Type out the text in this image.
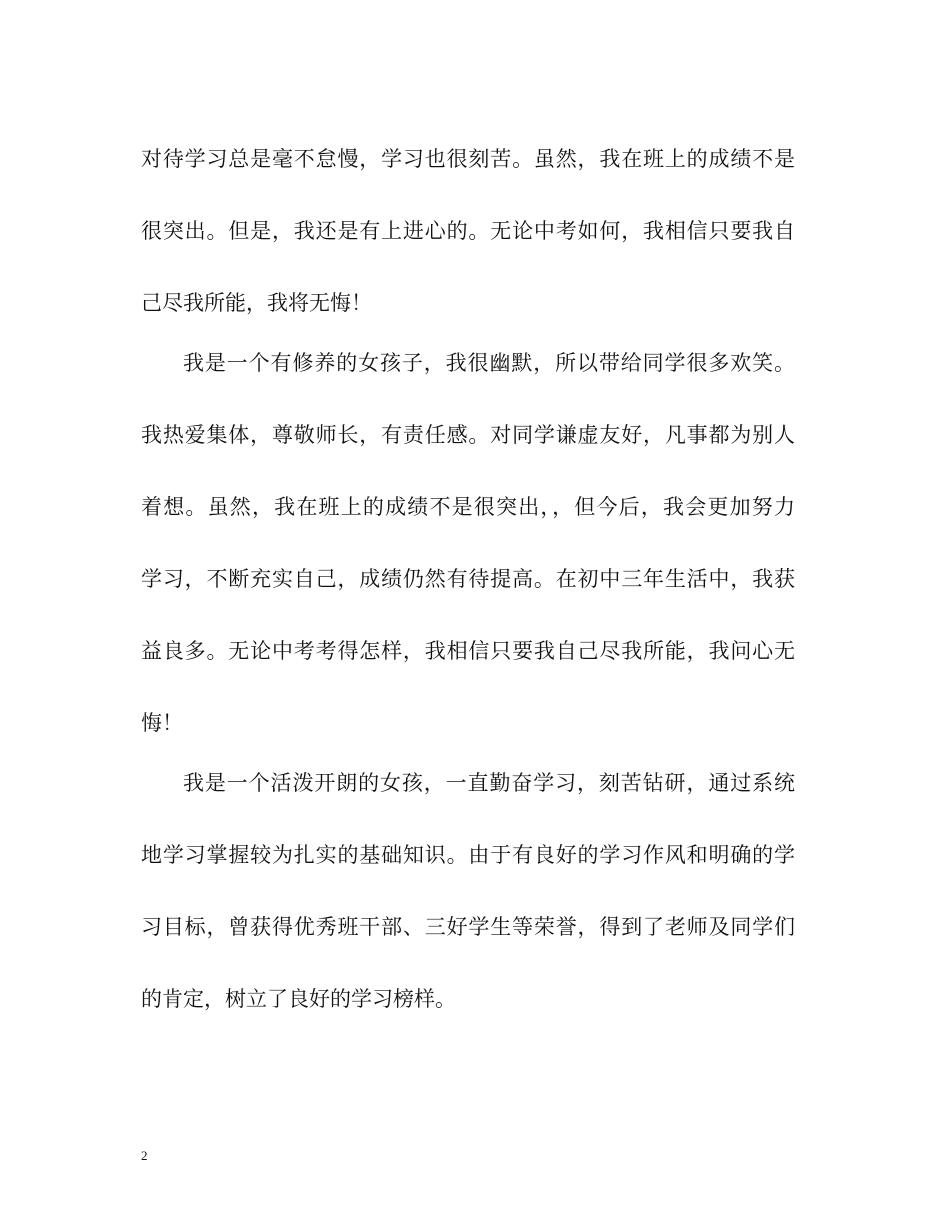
对待学习总是毫不怠慢，学习也很刻苦。虽然，我在班上的成绩不是
很突出。但是，我还是有上进心的。无论中考如何，我相信只要我自
己尽我所能，我将无悔！
我是一个有修养的女孩子，我很幽默，所以带给同学很多欢笑。
我热爱集体，尊敬师长，有责任感。对同学谦虚友好，凡事都为别人
着想。虽然，我在班上的成绩不是很突出，，但今后，我会更加努力
学习，不断充实自己，成绩仍然有待提高。在初中三年生活中，我获
益良多。无论中考考得怎样，我相信只要我自己尽我所能，我问心无
悔！
我是一个活泼开朗的女孩，一直勤奋学习，刻苦钻研，通过系统
地学习掌握较为扎实的基础知识。由于有良好的学习作风和明确的学
习目标，曾获得优秀班干部、三好学生等荣誉，得到了老师及同学们
的肯定，树立了良好的学习榜样。
2
